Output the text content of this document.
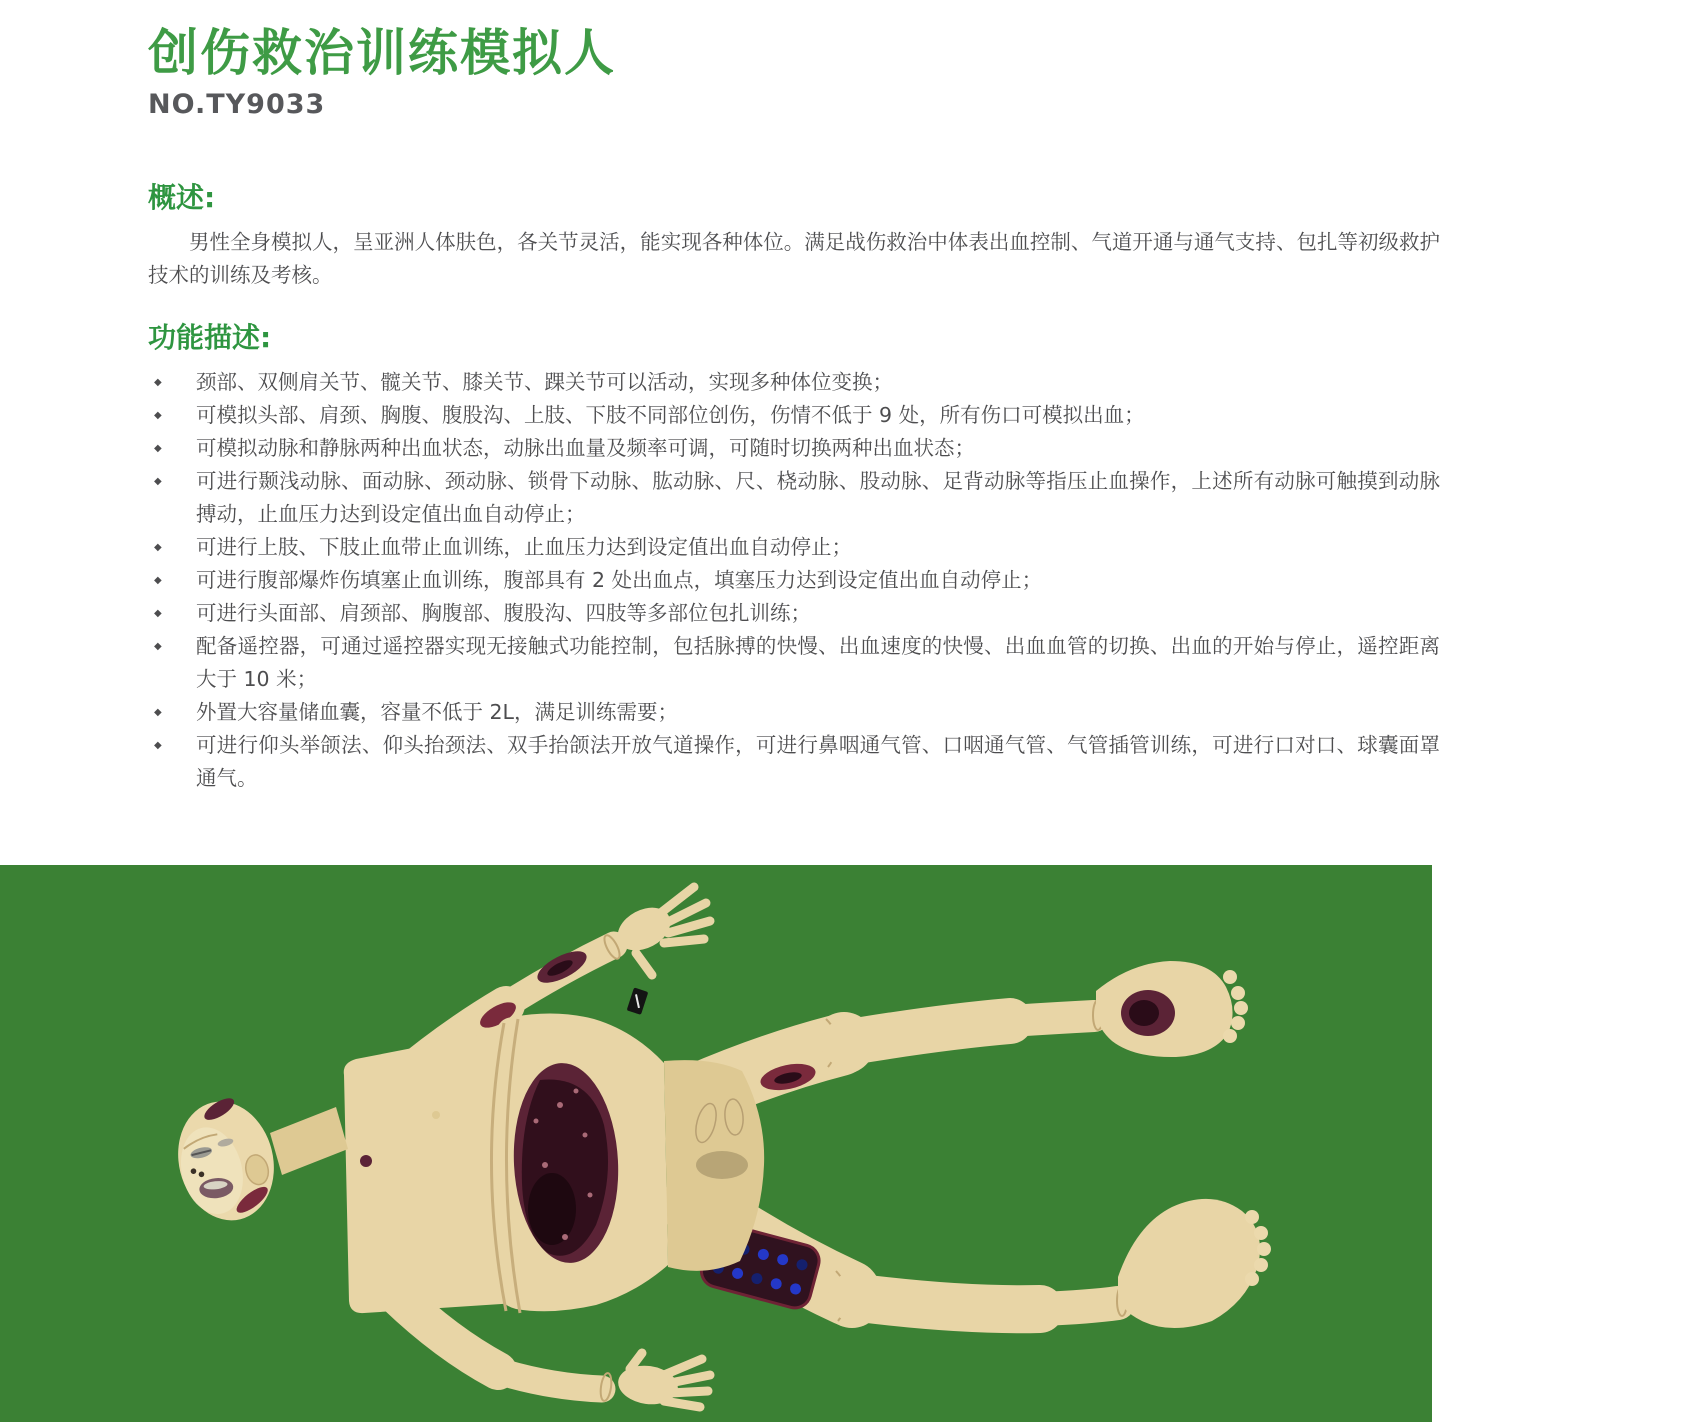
创伤救治训练模拟人
NO.TY9033
概述:

男性全身模拟人，呈亚洲人体肤色，各关节灵活，能实现各种体位。满足战伤救治中体表出血控制、气道开通与通气支持、包扎等初级救护技术的训练及考核。

功能描述:
◆ 颈部、双侧肩关节、髋关节、膝关节、踝关节可以活动，实现多种体位变换；
◆ 可模拟头部、肩颈、胸腹、腹股沟、上肢、下肢不同部位创伤，伤情不低于 9 处，所有伤口可模拟出血；
◆ 可模拟动脉和静脉两种出血状态，动脉出血量及频率可调，可随时切换两种出血状态；
◆ 可进行颞浅动脉、面动脉、颈动脉、锁骨下动脉、肱动脉、尺、桡动脉、股动脉、足背动脉等指压止血操作，上述所有动脉可触摸到动脉搏动，止血压力达到设定值出血自动停止；
◆ 可进行上肢、下肢止血带止血训练，止血压力达到设定值出血自动停止；
◆ 可进行腹部爆炸伤填塞止血训练，腹部具有 2 处出血点，填塞压力达到设定值出血自动停止；
◆ 可进行头面部、肩颈部、胸腹部、腹股沟、四肢等多部位包扎训练；
◆ 配备遥控器，可通过遥控器实现无接触式功能控制，包括脉搏的快慢、出血速度的快慢、出血血管的切换、出血的开始与停止，遥控距离大于 10 米；
◆ 外置大容量储血囊，容量不低于 2L，满足训练需要；
◆ 可进行仰头举颌法、仰头抬颈法、双手抬颌法开放气道操作，可进行鼻咽通气管、口咽通气管、气管插管训练，可进行口对口、球囊面罩通气。
